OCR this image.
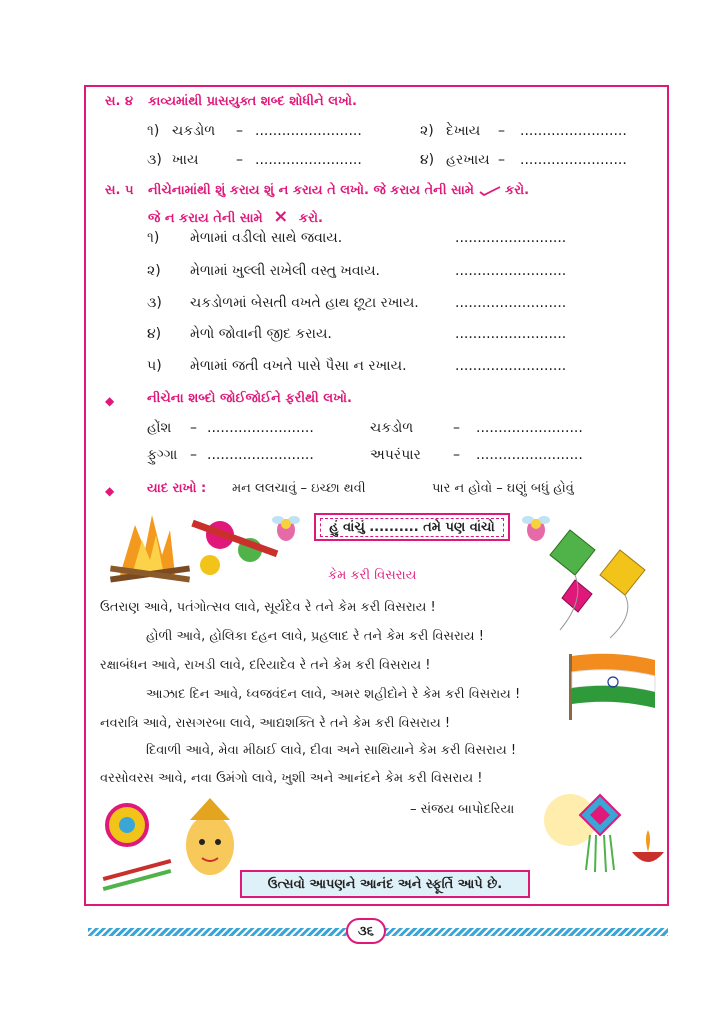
સ. ૪ કાવ્યમાંથી પ્રાસયુક્ત શબ્દ શોધીને લખો.
૧) ચકડોળ – ........................	૨) દેખાય – ........................
૩) ખાય	– ........................	૪) હરખાય – ........................
સ. ૫ નીચેનામાંથી શું કરાય શું ન કરાય તે લખો. જે કરાય તેની સામે કરો.
જે ન કરાય તેની સામે × કરો.
૧) મેળામાં વડીલો સાથે જવાય.	.........................
૨) મેળામાં ખુલ્લી રાખેલી વસ્તુ ખવાય.	.........................
૩) ચકડોળમાં બેસતી વખતે હાથ છૂટા રખાય.	.........................
૪) મેળો જોવાની જીદ કરાય.	.........................
૫) મેળામાં જતી વખતે પાસે પૈસા ન રખાય.	.........................
◆	નીચેના શબ્દો જોઈજોઈને ફરીથી લખો.
હોંશ – ........................	ચકડોળ	– ........................
ફુગ્ગા – ........................	અપરંપાર – ........................
◆	યાદ રાખો : મન લલચાવું – ઇચ્છા થવી	પાર ન હોવો – ઘણું બધું હોવું
હું વાંચું .......... તમે પણ વાંચો
કેમ કરી વિસરાય
ઉતરાણ આવે, પતંગોત્સવ લાવે, સૂર્યદેવ રે તને કેમ કરી વિસરાય !
હોળી આવે, હોલિકા દહન લાવે, પ્રહલાદ રે તને કેમ કરી વિસરાય !
રક્ષાબંધન આવે, રાખડી લાવે, દરિયાદેવ રે તને કેમ કરી વિસરાય !
આઝાદ દિન આવે, ધ્વજવંદન લાવે, અમર શહીદોને રે કેમ કરી વિસરાય !
નવરાત્રિ આવે, રાસગરબા લાવે, આદ્યશક્તિ રે તને કેમ કરી વિસરાય !
દિવાળી આવે, મેવા મીઠાઈ લાવે, દીવા અને સાથિયાને કેમ કરી વિસરાય !
વરસોવરસ આવે, નવા ઉમંગો લાવે, ખુશી અને આનંદને કેમ કરી વિસરાય !
– સંજય બાપોદરિયા
ઉત્સવો આપણને આનંદ અને સ્ફૂર્તિ આપે છે.
૩૬
